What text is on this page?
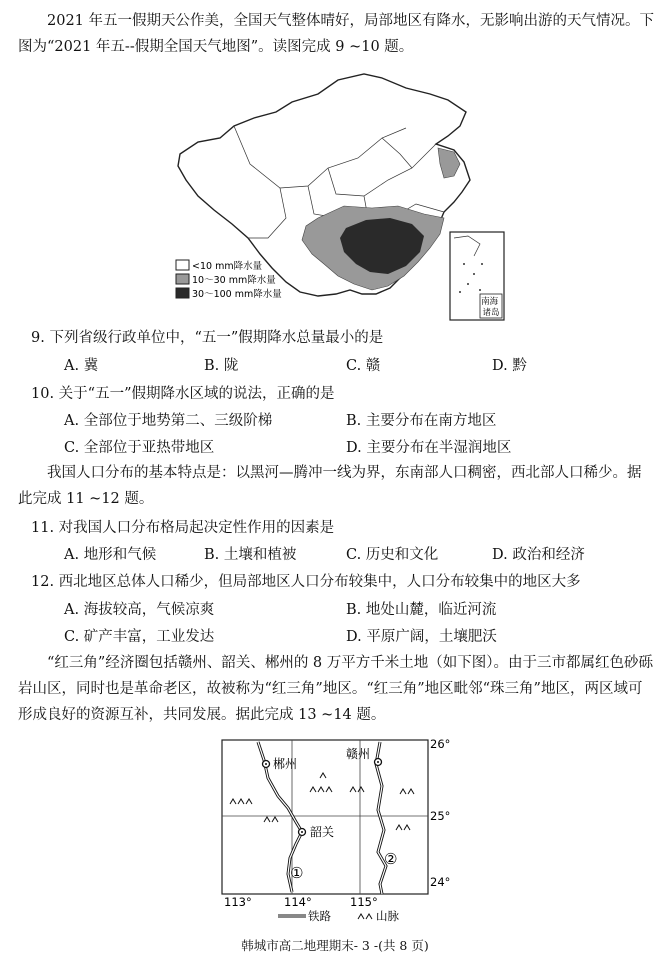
2021 年五一假期天公作美，全国天气整体晴好，局部地区有降水，无影响出游的天气情况。下图为“2021 年五--假期全国天气地图”。读图完成 9 ~10 题。
<10 mm降水量
10～30 mm降水量
30～100 mm降水量
南海 诸岛
9. 下列省级行政单位中，“五一”假期降水总量最小的是
A. 冀	B. 陇	C. 赣	D. 黔
10. 关于“五一”假期降水区域的说法，正确的是
A. 全部位于地势第二、三级阶梯	B. 主要分布在南方地区
C. 全部位于亚热带地区	D. 主要分布在半湿润地区
我国人口分布的基本特点是：以黑河—腾冲一线为界，东南部人口稠密，西北部人口稀少。据此完成 11 ~12 题。
11. 对我国人口分布格局起决定性作用的因素是
A. 地形和气候	B. 土壤和植被	C. 历史和文化	D. 政治和经济
12. 西北地区总体人口稀少，但局部地区人口分布较集中，人口分布较集中的地区大多
A. 海拔较高，气候凉爽	B. 地处山麓，临近河流
C. 矿产丰富，工业发达	D. 平原广阔，土壤肥沃
“红三角”经济圈包括赣州、韶关、郴州的 8 万平方千米土地（如下图）。由于三市都属红色砂砾岩山区，同时也是革命老区，故被称为“红三角”地区。“红三角”地区毗邻“珠三角”地区，两区域可形成良好的资源互补，共同发展。据此完成 13 ~14 题。
郴州
赣州
韶关
①
②
26°
25°
24°
113°	114°	115°
铁路	山脉
韩城市高二地理期末- 3 -(共 8 页)
